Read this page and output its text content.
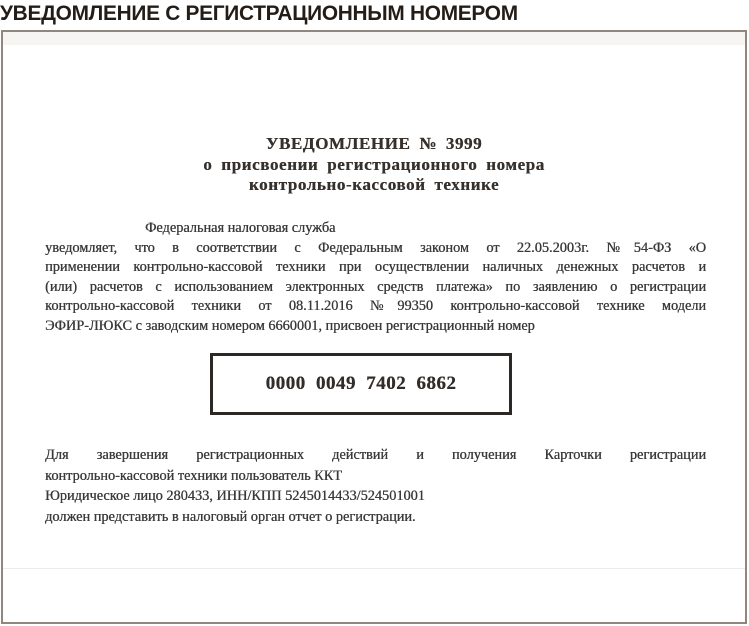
УВЕДОМЛЕНИЕ С РЕГИСТРАЦИОННЫМ НОМЕРОМ
УВЕДОМЛЕНИЕ № 3999
о присвоении регистрационного номера
контрольно-кассовой технике
Федеральная налоговая служба
уведомляет, что в соответствии с Федеральным законом от 22.05.2003г. №54-ФЗ «О
применении контрольно-кассовой техники при осуществлении наличных денежных расчетов и
(или) расчетов с использованием электронных средств платежа» по заявлению о регистрации
контрольно-кассовой техники от 08.11.2016 №99350 контрольно-кассовой технике модели
ЭФИР-ЛЮКС с заводским номером 6660001, присвоен регистрационный номер
0000 0049 7402 6862
Для завершения регистрационных действий и получения Карточки регистрации
контрольно-кассовой техники пользователь ККТ
Юридическое лицо 280433, ИНН/КПП 5245014433/524501001
должен представить в налоговый орган отчет о регистрации.
